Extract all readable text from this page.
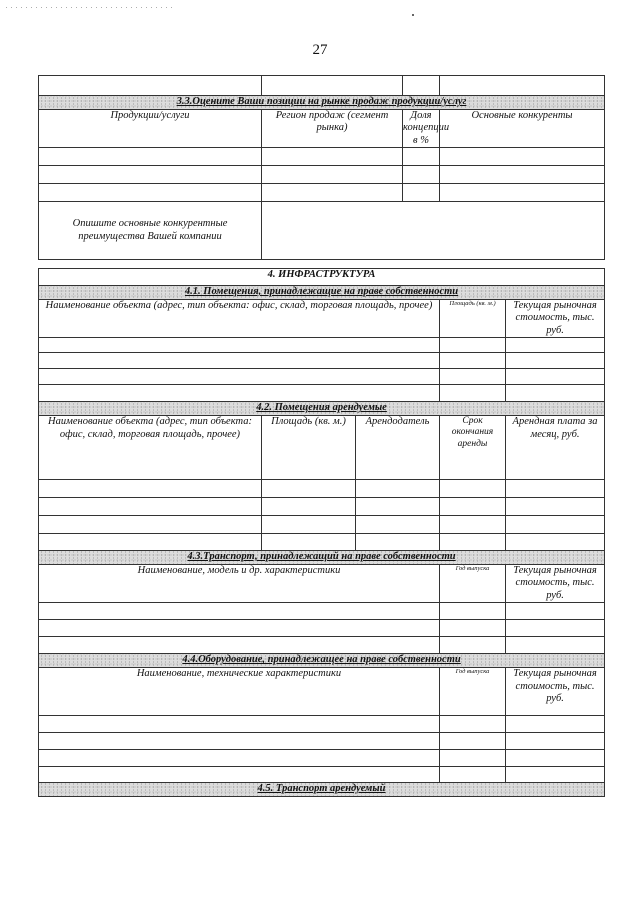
27

3.3.Оцените Ваши позиции на рынке продаж продукции/услуг			
Продукции/услуги	Регион продаж (сегмент рынка)	Доля концепции в %	Основные конкуренты

Опишите основные конкурентные преимущества Вашей компании			
4. ИНФРАСТРУКТУРА				
4.1. Помещения, принадлежащие на праве собственности				
Наименование объекта (адрес, тип объекта: офис, склад, торговая площадь, прочее)			Площадь (кв. м.)	Текущая рыночная стоимость, тыс. руб.

4.2. Помещения арендуемые				
Наименование объекта (адрес, тип объекта: офис, склад, торговая площадь, прочее)	Площадь (кв. м.)	Арендодатель	Срок окончания аренды	Арендная плата за месяц, руб.

4.3.Транспорт, принадлежащий на праве собственности				
Наименование, модель и др. характеристики			Год выпуска	Текущая рыночная стоимость, тыс. руб.

4.4.Оборудование, принадлежащее на праве собственности				
Наименование, технические характеристики			Год выпуска	Текущая рыночная стоимость, тыс. руб.

4.5. Транспорт арендуемый				
